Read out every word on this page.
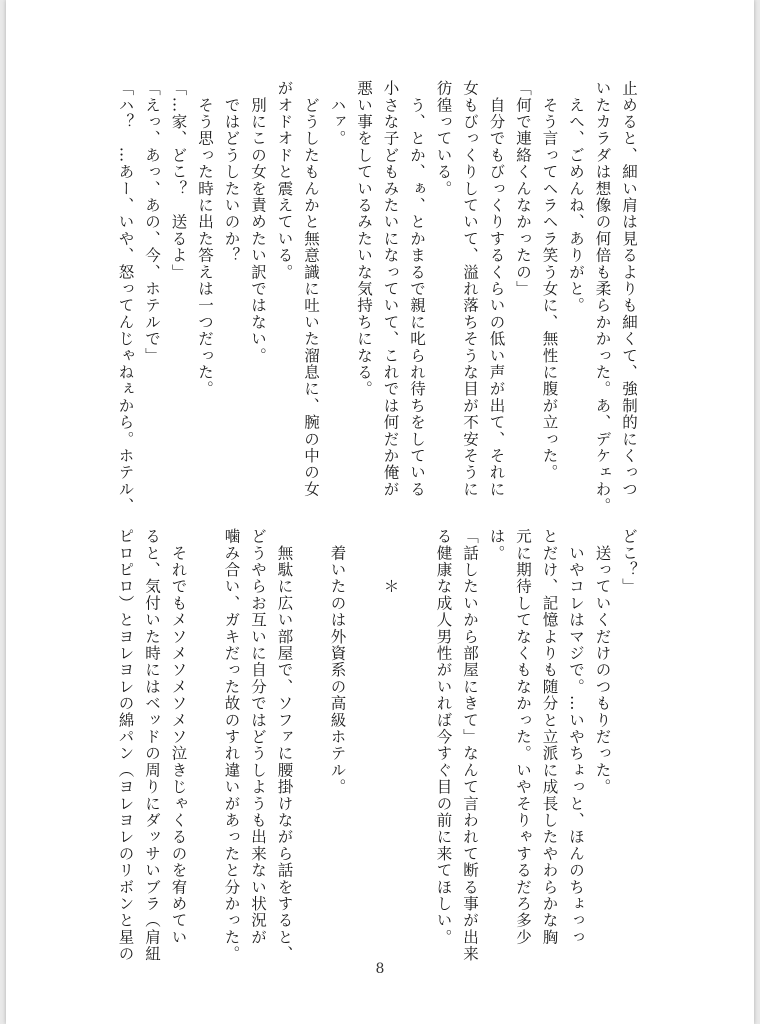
止めると、細い肩は見るよりも細くて、強制的にくっつ

いたカラダは想像の何倍も柔らかかった。あ、デケェわ。

　えへ、ごめんね、ありがと。

　そう言ってヘラヘラ笑う女に、無性に腹が立った。

「何で連絡くんなかったの」

　自分でもびっくりするくらいの低い声が出て、それに

女もびっくりしていて、溢れ落ちそうな目が不安そうに

彷徨っている。

　う、とか、ぁ、とかまるで親に叱られ待ちをしている

小さな子どもみたいになっていて、これでは何だか俺が

悪い事をしているみたいな気持ちになる。

　ハァ。

　どうしたもんかと無意識に吐いた溜息に、腕の中の女

がオドオドと震えている。

　別にこの女を責めたい訳ではない。

　ではどうしたいのか？

　そう思った時に出た答えは一つだった。

「…家、どこ？　送るよ」

「えっ、あっ、あの、今、ホテルで」

「ハ？　…あー、いや、怒ってんじゃねぇから。ホテル、

どこ？」

　送っていくだけのつもりだった。

　いやコレはマジで。…いやちょっと、ほんのちょっっ

とだけ、記憶よりも随分と立派に成長したやわらかな胸

元に期待してなくもなかった。いやそりゃするだろ多少

は。

「話したいから部屋にきて」なんて言われて断る事が出来

る健康な成人男性がいれば今すぐ目の前に来てほしい。

　　　＊

　着いたのは外資系の高級ホテル。

　無駄に広い部屋で、ソファに腰掛けながら話をすると、

どうやらお互いに自分ではどうしようも出来ない状況が

噛み合い、ガキだった故のすれ違いがあったと分かった。

　それでもメソメソメソメソ泣きじゃくるのを宥めてい

ると、気付いた時にはベッドの周りにダッサいブラ（肩紐

ピロピロ）とヨレヨレの綿パン（ヨレヨレのリボンと星の

8
